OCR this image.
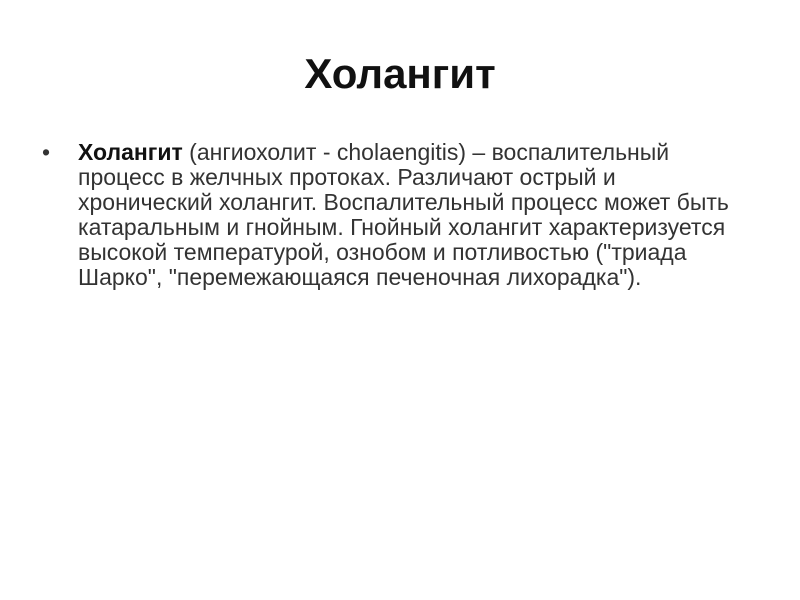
Холангит
• Холангит (ангиохолит - cholaengitis) – воспалительный процесс в желчных протоках. Различают острый и хронический холангит. Воспалительный процесс может быть катаральным и гнойным. Гнойный холангит характеризуется высокой температурой, ознобом и потливостью ("триада Шарко", "перемежающаяся печеночная лихорадка").
